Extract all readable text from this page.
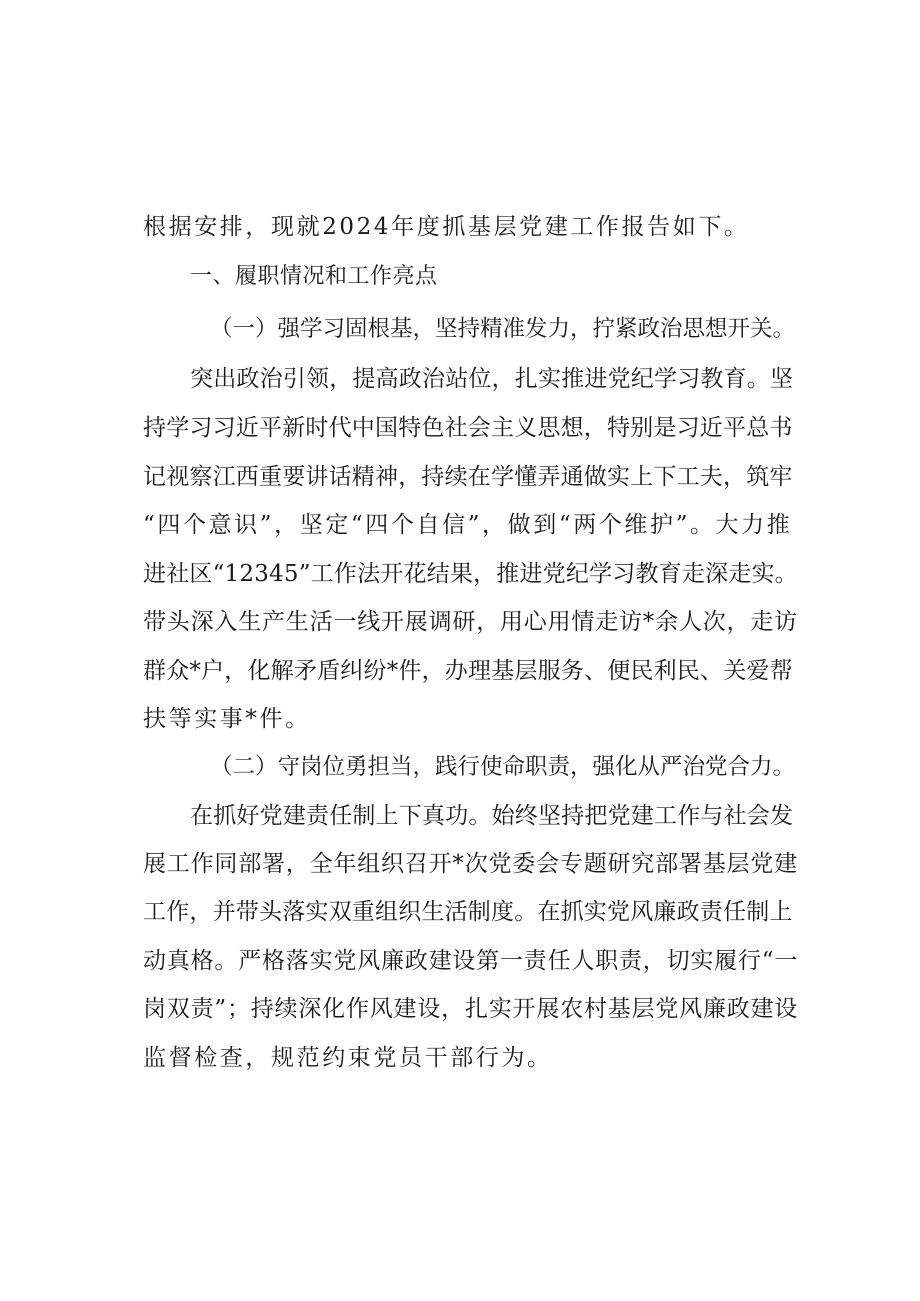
根据安排，现就2024年度抓基层党建工作报告如下。
一、履职情况和工作亮点
（一）强学习固根基，坚持精准发力，拧紧政治思想开关。
突出政治引领，提高政治站位，扎实推进党纪学习教育。坚
持学习习近平新时代中国特色社会主义思想，特别是习近平总书
记视察江西重要讲话精神，持续在学懂弄通做实上下工夫，筑牢
“四个意识”，坚定“四个自信”，做到“两个维护”。大力推
进社区“12345”工作法开花结果，推进党纪学习教育走深走实。
带头深入生产生活一线开展调研，用心用情走访*余人次，走访
群众*户，化解矛盾纠纷*件，办理基层服务、便民利民、关爱帮
扶等实事*件。
（二）守岗位勇担当，践行使命职责，强化从严治党合力。
在抓好党建责任制上下真功。始终坚持把党建工作与社会发
展工作同部署，全年组织召开*次党委会专题研究部署基层党建
工作，并带头落实双重组织生活制度。在抓实党风廉政责任制上
动真格。严格落实党风廉政建设第一责任人职责，切实履行“一
岗双责”；持续深化作风建设，扎实开展农村基层党风廉政建设
监督检查，规范约束党员干部行为。
